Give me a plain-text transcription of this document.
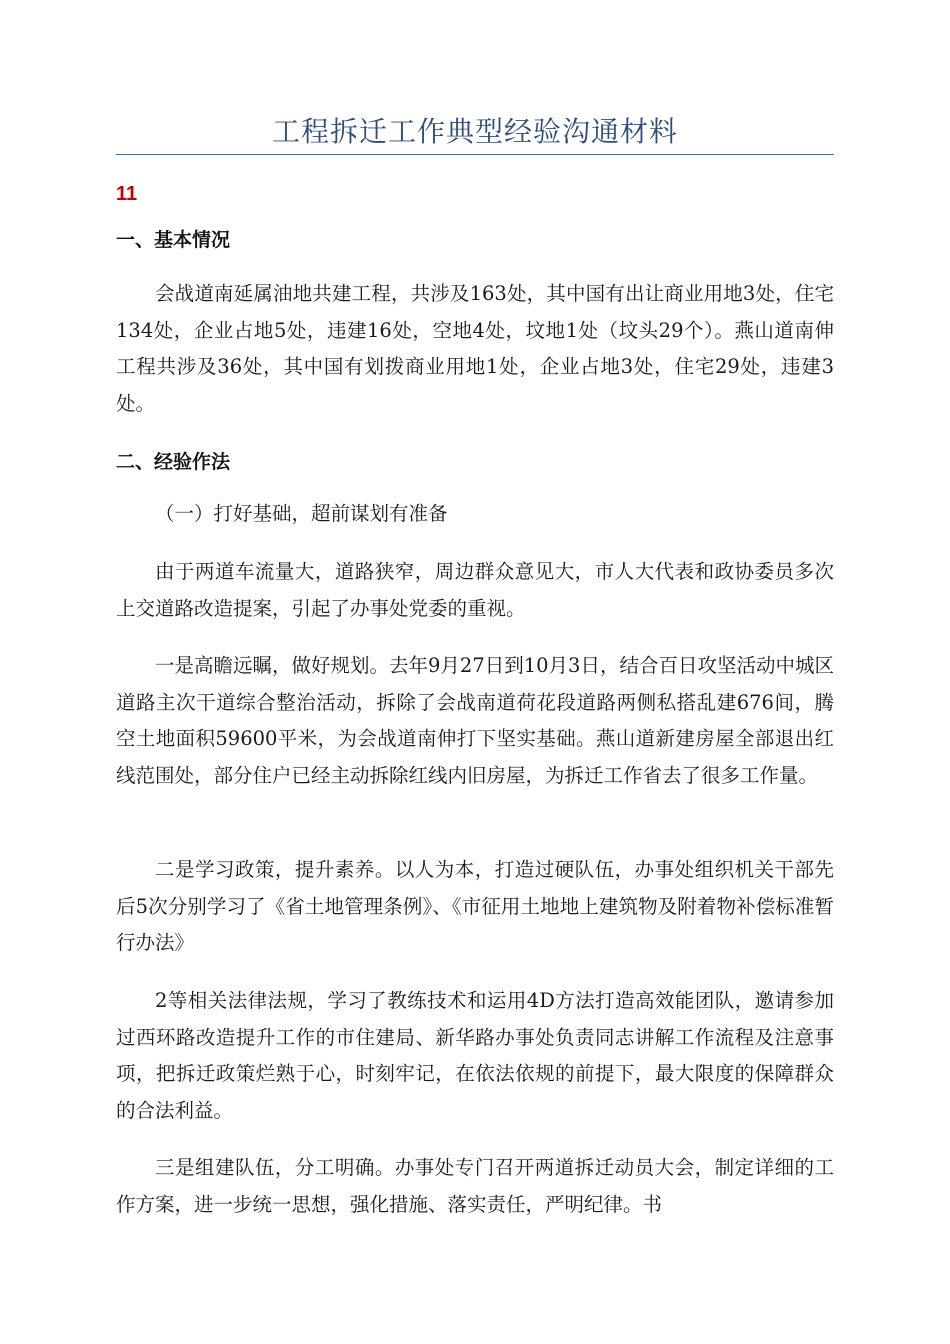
工程拆迁工作典型经验沟通材料
11
一、基本情况

会战道南延属油地共建工程，共涉及163处，其中国有出让商业用地3处，住宅134处，企业占地5处，违建16处，空地4处，坟地1处（坟头29个）。燕山道南伸工程共涉及36处，其中国有划拨商业用地1处，企业占地3处，住宅29处，违建3处。

二、经验作法

（一）打好基础，超前谋划有准备

由于两道车流量大，道路狭窄，周边群众意见大，市人大代表和政协委员多次上交道路改造提案，引起了办事处党委的重视。

一是高瞻远瞩，做好规划。去年9月27日到10月3日，结合百日攻坚活动中城区道路主次干道综合整治活动，拆除了会战南道荷花段道路两侧私搭乱建676间，腾空土地面积59600平米，为会战道南伸打下坚实基础。燕山道新建房屋全部退出红线范围处，部分住户已经主动拆除红线内旧房屋，为拆迁工作省去了很多工作量。

二是学习政策，提升素养。以人为本，打造过硬队伍，办事处组织机关干部先后5次分别学习了《省土地管理条例》、《市征用土地地上建筑物及附着物补偿标准暂行办法》

2等相关法律法规，学习了教练技术和运用4D方法打造高效能团队，邀请参加过西环路改造提升工作的市住建局、新华路办事处负责同志讲解工作流程及注意事项，把拆迁政策烂熟于心，时刻牢记，在依法依规的前提下，最大限度的保障群众的合法利益。

三是组建队伍，分工明确。办事处专门召开两道拆迁动员大会，制定详细的工作方案，进一步统一思想，强化措施、落实责任，严明纪律。书
